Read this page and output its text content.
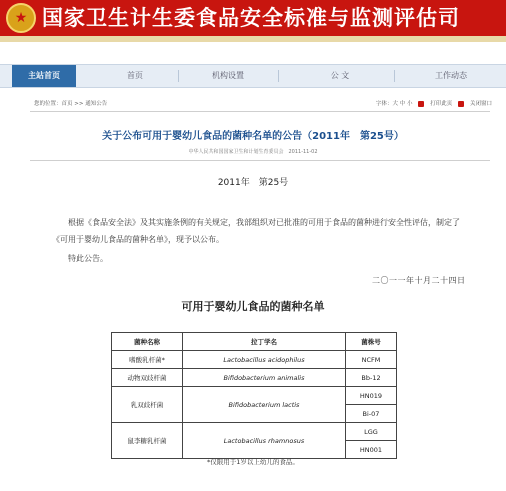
★ 国家卫生计生委食品安全标准与监测评估司
主站首页	首页	机构设置	公 文	工作动态
您的位置：首页 >> 通知公告	字体：大 中 小	打印此页	关闭窗口
关于公布可用于婴幼儿食品的菌种名单的公告（2011年　第25号）
中华人民共和国国家卫生和计划生育委员会　2011-11-02
2011年　第25号

根据《食品安全法》及其实施条例的有关规定，我部组织对已批准的可用于食品的菌种进行安全性评估，制定了《可用于婴幼儿食品的菌种名单》，现予以公布。

特此公告。
二〇一一年十月二十四日
可用于婴幼儿食品的菌种名单
菌种名称	拉丁学名	菌株号
嗜酸乳杆菌*	Lactobacillus acidophilus	NCFM
动物双歧杆菌	Bifidobacterium animalis	Bb-12
乳双歧杆菌	Bifidobacterium lactis	HN019
		Bi-07
鼠李糖乳杆菌	Lactobacillus rhamnosus	LGG
		HN001
*仅限用于1岁以上幼儿的食品。
